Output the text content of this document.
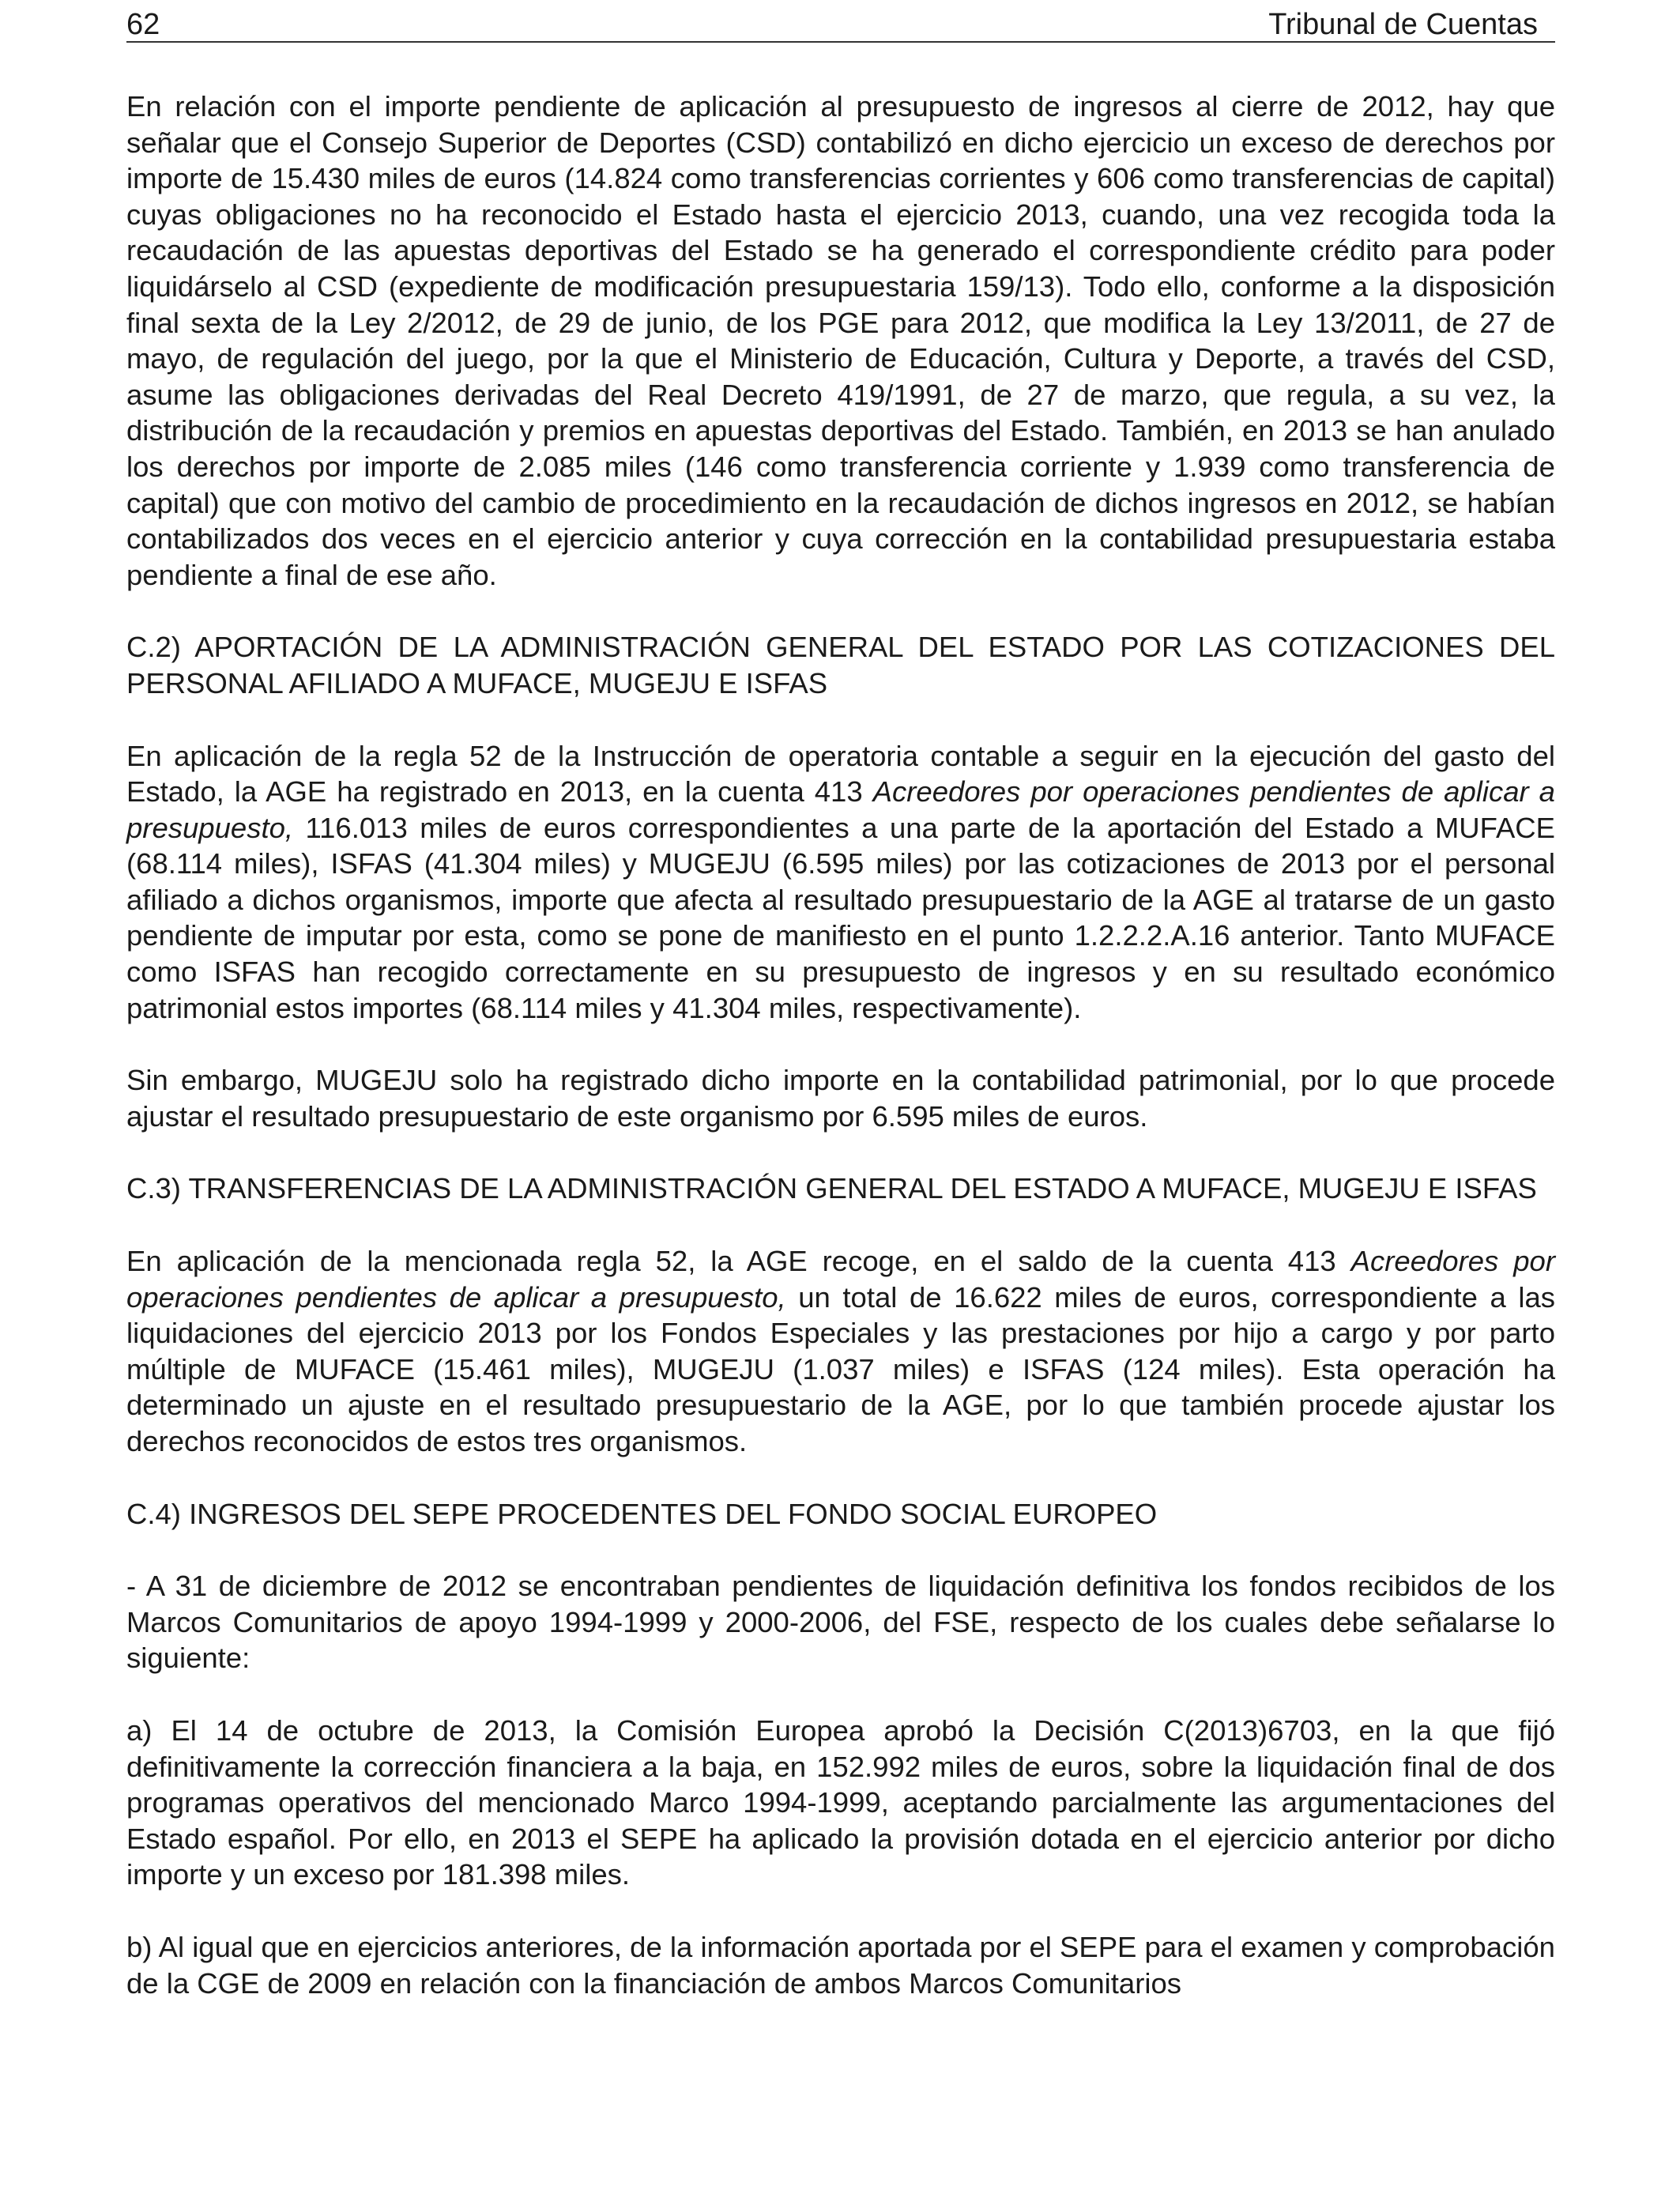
62	Tribunal de Cuentas

En relación con el importe pendiente de aplicación al presupuesto de ingresos al cierre de 2012, hay que señalar que el Consejo Superior de Deportes (CSD) contabilizó en dicho ejercicio un exceso de derechos por importe de 15.430 miles de euros (14.824 como transferencias corrientes y 606 como transferencias de capital) cuyas obligaciones no ha reconocido el Estado hasta el ejercicio 2013, cuando, una vez recogida toda la recaudación de las apuestas deportivas del Estado se ha generado el correspondiente crédito para poder liquidárselo al CSD (expediente de modificación presupuestaria 159/13). Todo ello, conforme a la disposición final sexta de la Ley 2/2012, de 29 de junio, de los PGE para 2012, que modifica la Ley 13/2011, de 27 de mayo, de regulación del juego, por la que el Ministerio de Educación, Cultura y Deporte, a través del CSD, asume las obligaciones derivadas del Real Decreto 419/1991, de 27 de marzo, que regula, a su vez, la distribución de la recaudación y premios en apuestas deportivas del Estado. También, en 2013 se han anulado los derechos por importe de 2.085 miles (146 como transferencia corriente y 1.939 como transferencia de capital) que con motivo del cambio de procedimiento en la recaudación de dichos ingresos en 2012, se habían contabilizados dos veces en el ejercicio anterior y cuya corrección en la contabilidad presupuestaria estaba pendiente a final de ese año.

C.2) APORTACIÓN DE LA ADMINISTRACIÓN GENERAL DEL ESTADO POR LAS COTIZACIONES DEL PERSONAL AFILIADO A MUFACE, MUGEJU E ISFAS

En aplicación de la regla 52 de la Instrucción de operatoria contable a seguir en la ejecución del gasto del Estado, la AGE ha registrado en 2013, en la cuenta 413 Acreedores por operaciones pendientes de aplicar a presupuesto, 116.013 miles de euros correspondientes a una parte de la aportación del Estado a MUFACE (68.114 miles), ISFAS (41.304 miles) y MUGEJU (6.595 miles) por las cotizaciones de 2013 por el personal afiliado a dichos organismos, importe que afecta al resultado presupuestario de la AGE al tratarse de un gasto pendiente de imputar por esta, como se pone de manifiesto en el punto 1.2.2.2.A.16 anterior. Tanto MUFACE como ISFAS han recogido correctamente en su presupuesto de ingresos y en su resultado económico patrimonial estos importes (68.114 miles y 41.304 miles, respectivamente).

Sin embargo, MUGEJU solo ha registrado dicho importe en la contabilidad patrimonial, por lo que procede ajustar el resultado presupuestario de este organismo por 6.595 miles de euros.

C.3) TRANSFERENCIAS DE LA ADMINISTRACIÓN GENERAL DEL ESTADO A MUFACE, MUGEJU E ISFAS

En aplicación de la mencionada regla 52, la AGE recoge, en el saldo de la cuenta 413 Acreedores por operaciones pendientes de aplicar a presupuesto, un total de 16.622 miles de euros, correspondiente a las liquidaciones del ejercicio 2013 por los Fondos Especiales y las prestaciones por hijo a cargo y por parto múltiple de MUFACE (15.461 miles), MUGEJU (1.037 miles) e ISFAS (124 miles). Esta operación ha determinado un ajuste en el resultado presupuestario de la AGE, por lo que también procede ajustar los derechos reconocidos de estos tres organismos.

C.4) INGRESOS DEL SEPE PROCEDENTES DEL FONDO SOCIAL EUROPEO

- A 31 de diciembre de 2012 se encontraban pendientes de liquidación definitiva los fondos recibidos de los Marcos Comunitarios de apoyo 1994-1999 y 2000-2006, del FSE, respecto de los cuales debe señalarse lo siguiente:

a) El 14 de octubre de 2013, la Comisión Europea aprobó la Decisión C(2013)6703, en la que fijó definitivamente la corrección financiera a la baja, en 152.992 miles de euros, sobre la liquidación final de dos programas operativos del mencionado Marco 1994-1999, aceptando parcialmente las argumentaciones del Estado español. Por ello, en 2013 el SEPE ha aplicado la provisión dotada en el ejercicio anterior por dicho importe y un exceso por 181.398 miles.

b) Al igual que en ejercicios anteriores, de la información aportada por el SEPE para el examen y comprobación de la CGE de 2009 en relación con la financiación de ambos Marcos Comunitarios
